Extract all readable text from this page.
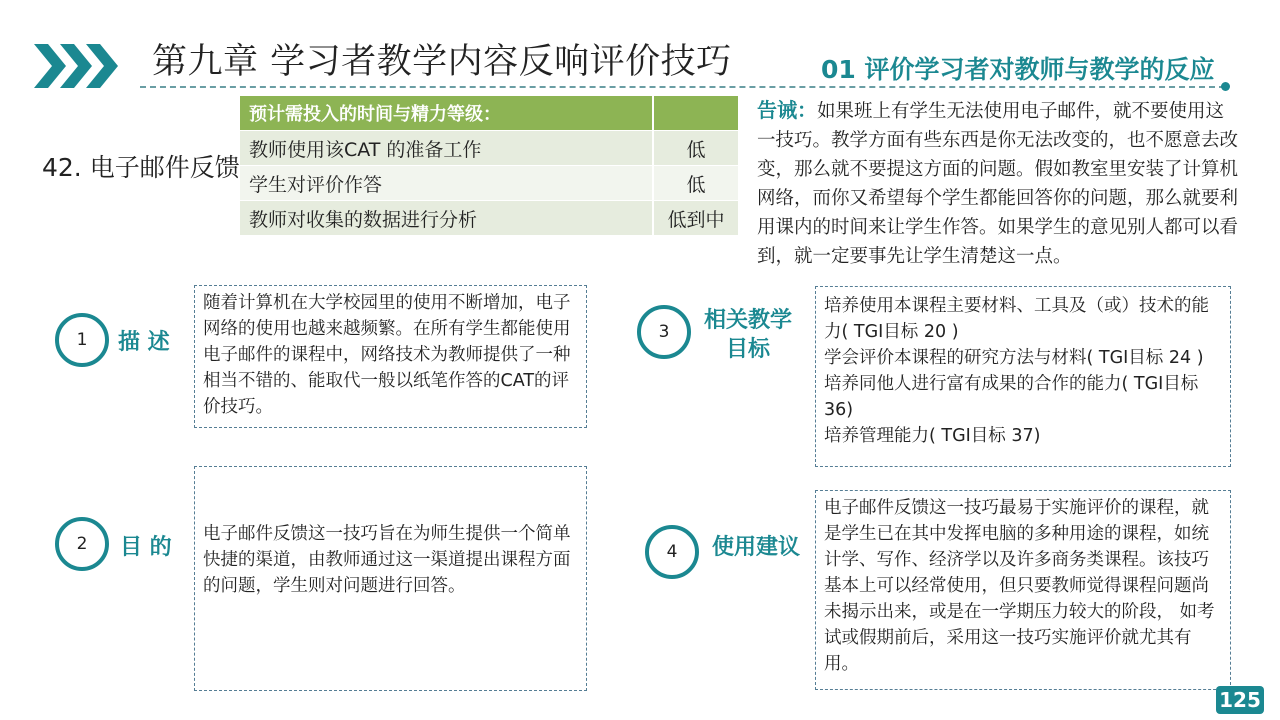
第九章 学习者教学内容反响评价技巧	01 评价学习者对教师与教学的反应
42. 电子邮件反馈
预计需投入的时间与精力等级：	
教师使用该CAT 的准备工作	低
学生对评价作答	低
教师对收集的数据进行分析	低到中
告诫：如果班上有学生无法使用电子邮件，就不要使用这一技巧。教学方面有些东西是你无法改变的，也不愿意去改变，那么就不要提这方面的问题。假如教室里安装了计算机网络，而你又希望每个学生都能回答你的问题，那么就要利用课内的时间来让学生作答。如果学生的意见别人都可以看到，就一定要事先让学生清楚这一点。
1 描 述

随着计算机在大学校园里的使用不断增加，电子网络的使用也越来越频繁。在所有学生都能使用电子邮件的课程中，网络技术为教师提供了一种相当不错的、能取代一般以纸笔作答的CAT的评价技巧。

2 目 的

电子邮件反馈这一技巧旨在为师生提供一个简单快捷的渠道，由教师通过这一渠道提出课程方面的问题，学生则对问题进行回答。

3 相关教学
目标

培养使用本课程主要材料、工具及（或）技术的能力( TGI目标 20 )

学会评价本课程的研究方法与材料( TGI目标 24 )

培养同他人进行富有成果的合作的能力( TGI目标36)

培养管理能力( TGI目标 37)

4 使用建议

电子邮件反馈这一技巧最易于实施评价的课程，就是学生已在其中发挥电脑的多种用途的课程，如统计学、写作、经济学以及许多商务类课程。该技巧基本上可以经常使用，但只要教师觉得课程问题尚未揭示出来，或是在一学期压力较大的阶段， 如考试或假期前后，采用这一技巧实施评价就尤其有用。

125
